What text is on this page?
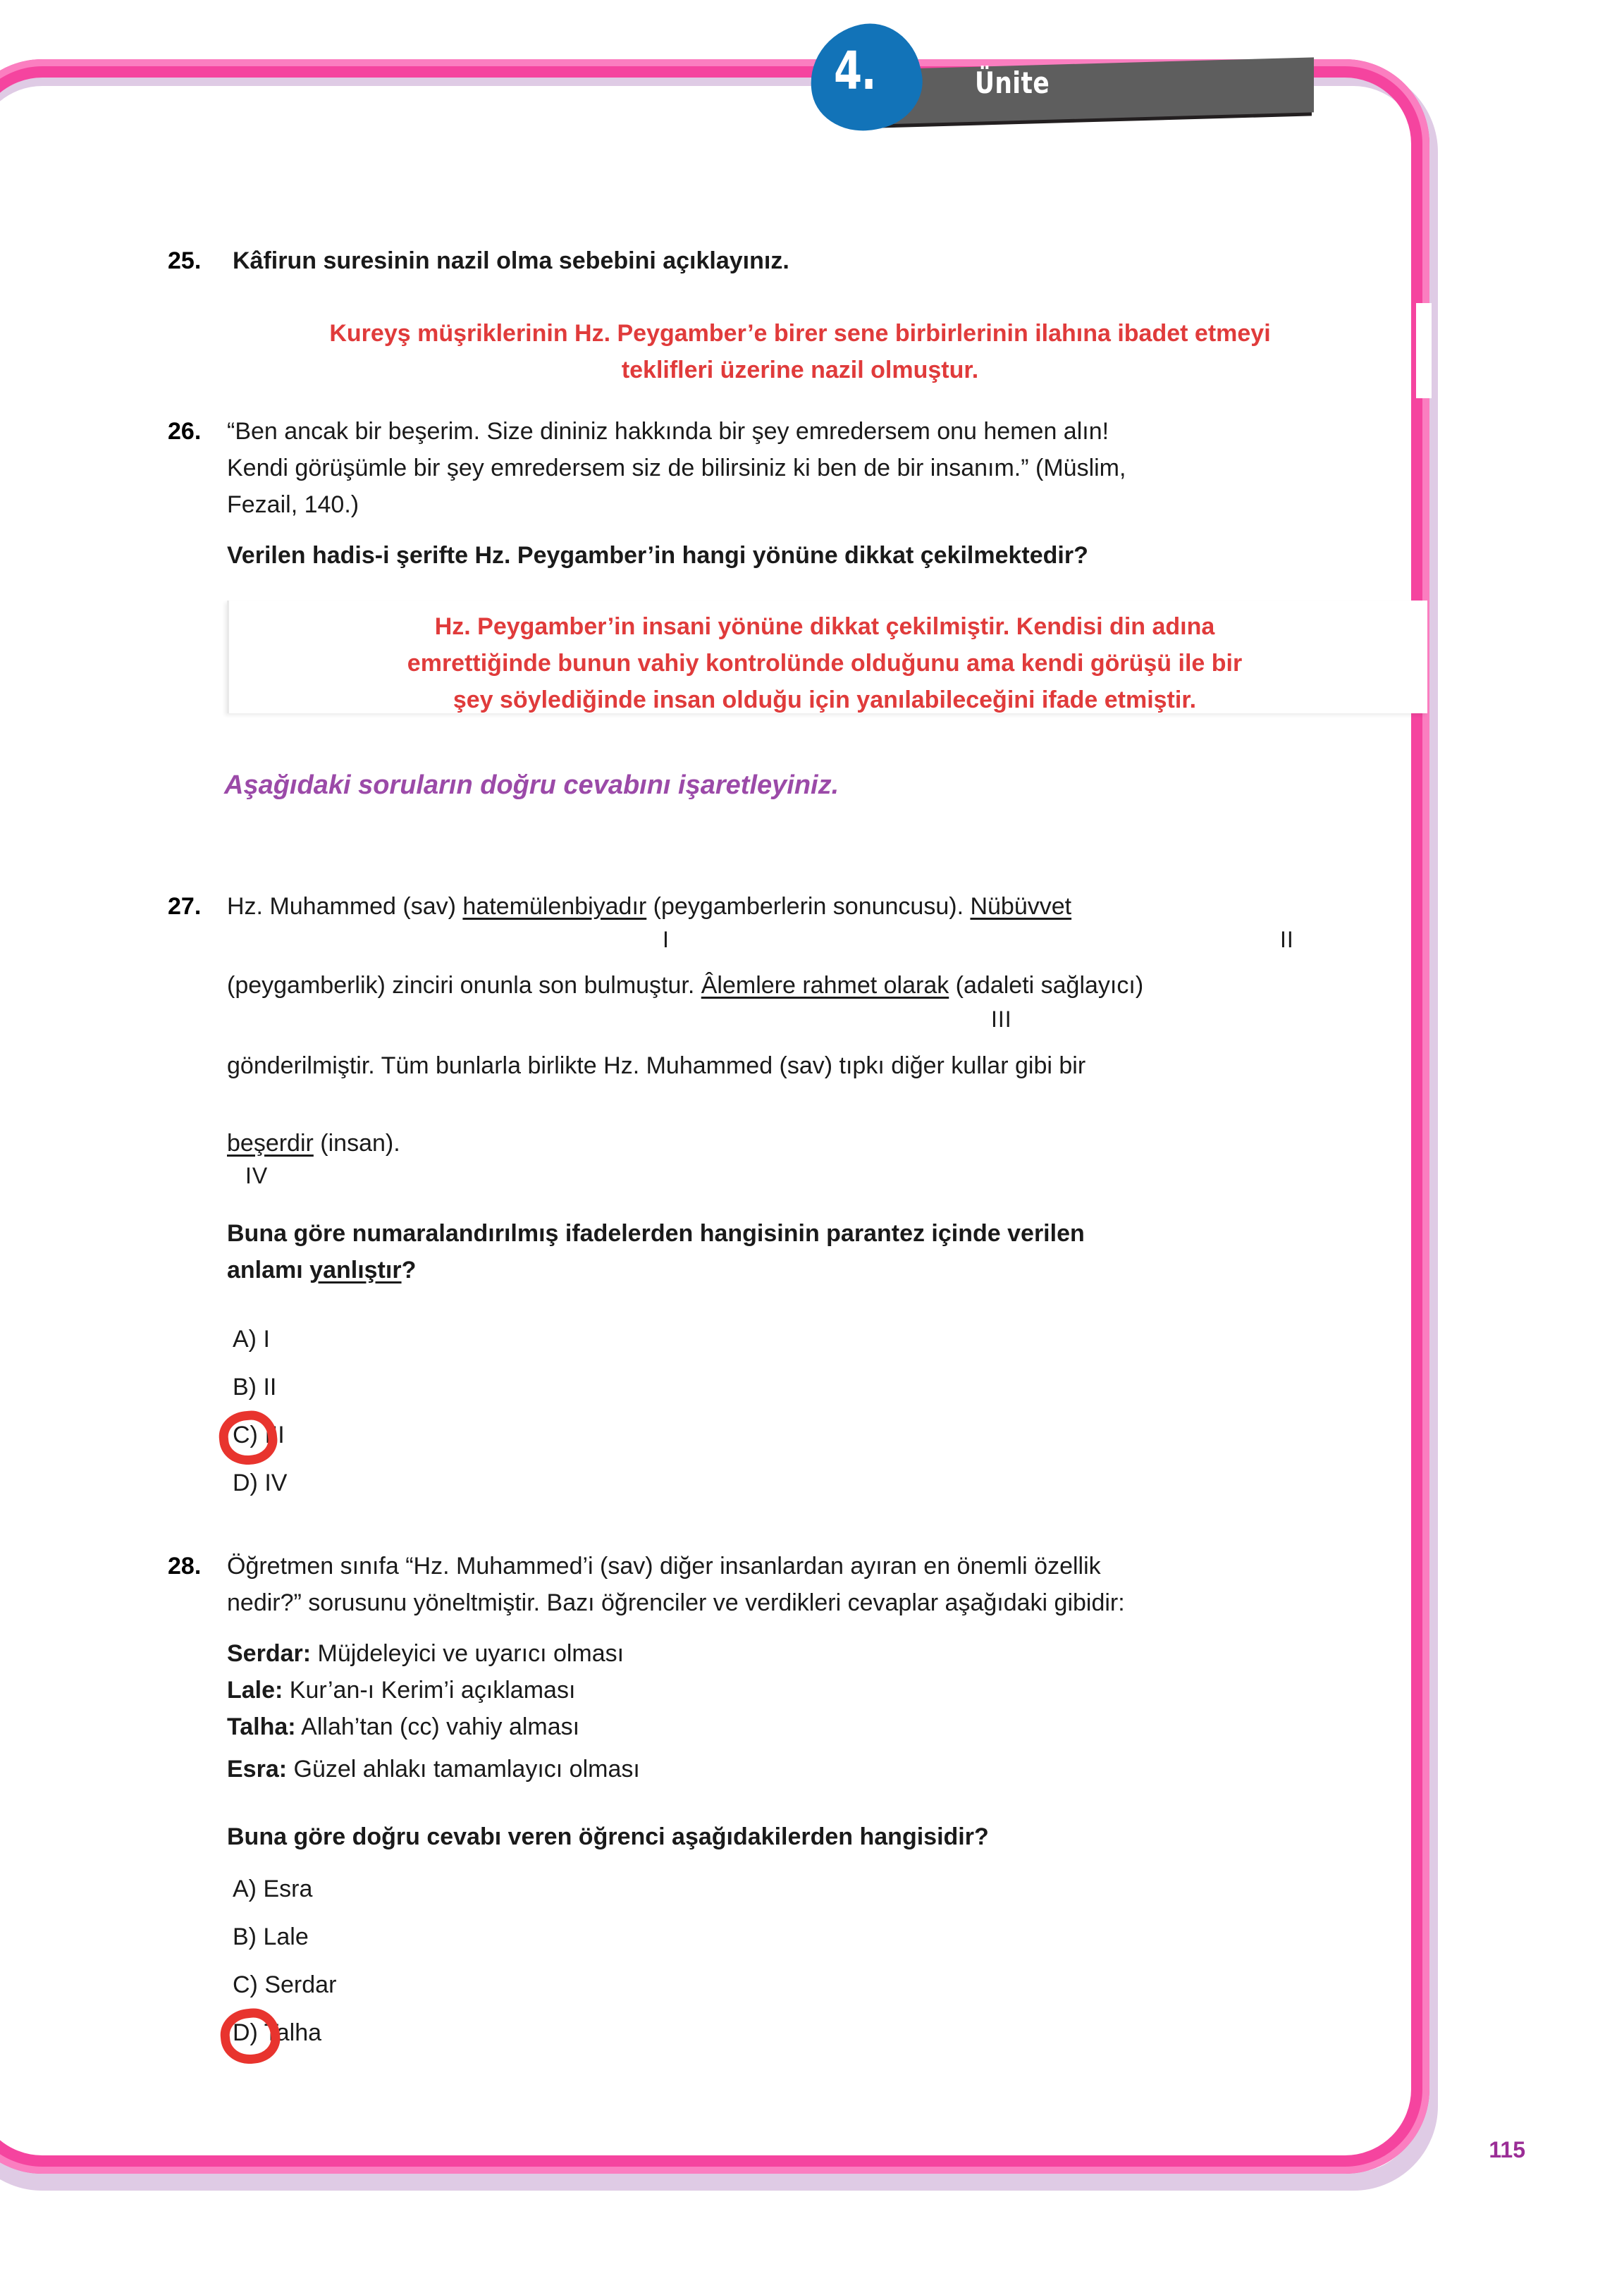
4.	Ünite
25. Kâfirun suresinin nazil olma sebebini açıklayınız.
Kureyş müşriklerinin Hz. Peygamber’e birer sene birbirlerinin ilahına ibadet etmeyi
teklifleri üzerine nazil olmuştur.
26. “Ben ancak bir beşerim. Size dininiz hakkında bir şey emredersem onu hemen alın!
Kendi görüşümle bir şey emredersem siz de bilirsiniz ki ben de bir insanım.” (Müslim,
Fezail, 140.)
Verilen hadis-i şerifte Hz. Peygamber’in hangi yönüne dikkat çekilmektedir?
Hz. Peygamber’in insani yönüne dikkat çekilmiştir. Kendisi din adına
emrettiğinde bunun vahiy kontrolünde olduğunu ama kendi görüşü ile bir
şey söylediğinde insan olduğu için yanılabileceğini ifade etmiştir.
Aşağıdaki soruların doğru cevabını işaretleyiniz.
27. Hz. Muhammed (sav) hatemülenbiyadır (peygamberlerin sonuncusu). Nübüvvet
I	II
(peygamberlik) zinciri onunla son bulmuştur. Âlemlere rahmet olarak (adaleti sağlayıcı)
III
gönderilmiştir. Tüm bunlarla birlikte Hz. Muhammed (sav) tıpkı diğer kullar gibi bir
beşerdir (insan).
IV
Buna göre numaralandırılmış ifadelerden hangisinin parantez içinde verilen
anlamı yanlıştır?
A) I
B) II
C) III
D) IV
28. Öğretmen sınıfa “Hz. Muhammed’i (sav) diğer insanlardan ayıran en önemli özellik
nedir?” sorusunu yöneltmiştir. Bazı öğrenciler ve verdikleri cevaplar aşağıdaki gibidir:
Serdar: Müjdeleyici ve uyarıcı olması
Lale: Kur’an-ı Kerim’i açıklaması
Talha: Allah’tan (cc) vahiy alması
Esra: Güzel ahlakı tamamlayıcı olması
Buna göre doğru cevabı veren öğrenci aşağıdakilerden hangisidir?
A) Esra
B) Lale
C) Serdar
D) Talha
115
